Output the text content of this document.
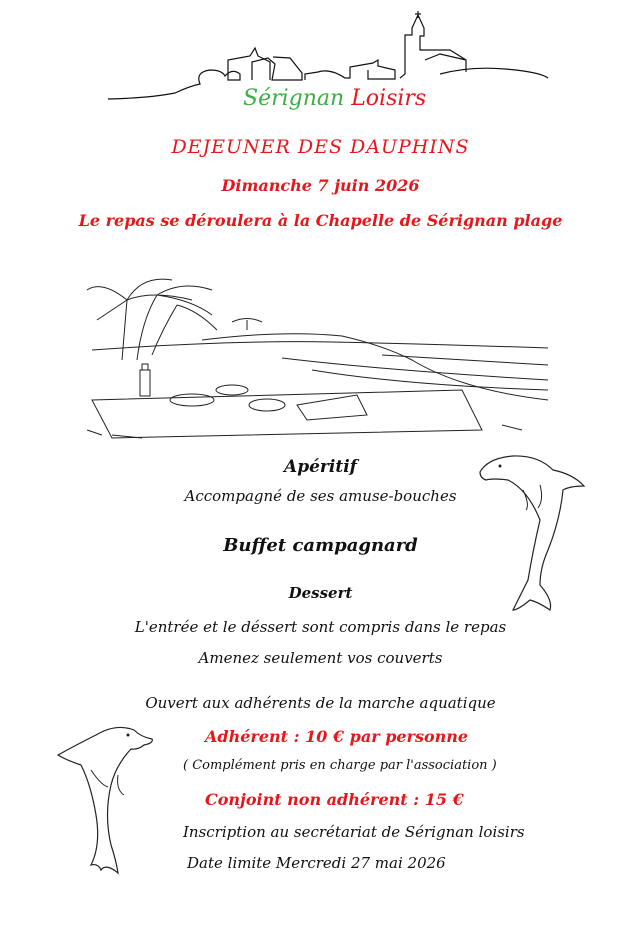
Sérignan Loisirs
DEJEUNER DES DAUPHINS
Dimanche 7 juin 2026
Le repas se déroulera à la Chapelle de Sérignan plage
Apéritif
Accompagné de ses amuse-bouches
Buffet campagnard
Dessert
L'entrée et le déssert sont compris dans le repas
Amenez seulement vos couverts
Ouvert aux adhérents de la marche aquatique
Adhérent : 10 € par personne
( Complément pris en charge par l'association )
Conjoint non adhérent : 15 €
Inscription au secrétariat de Sérignan loisirs
Date limite Mercredi 27 mai 2026
